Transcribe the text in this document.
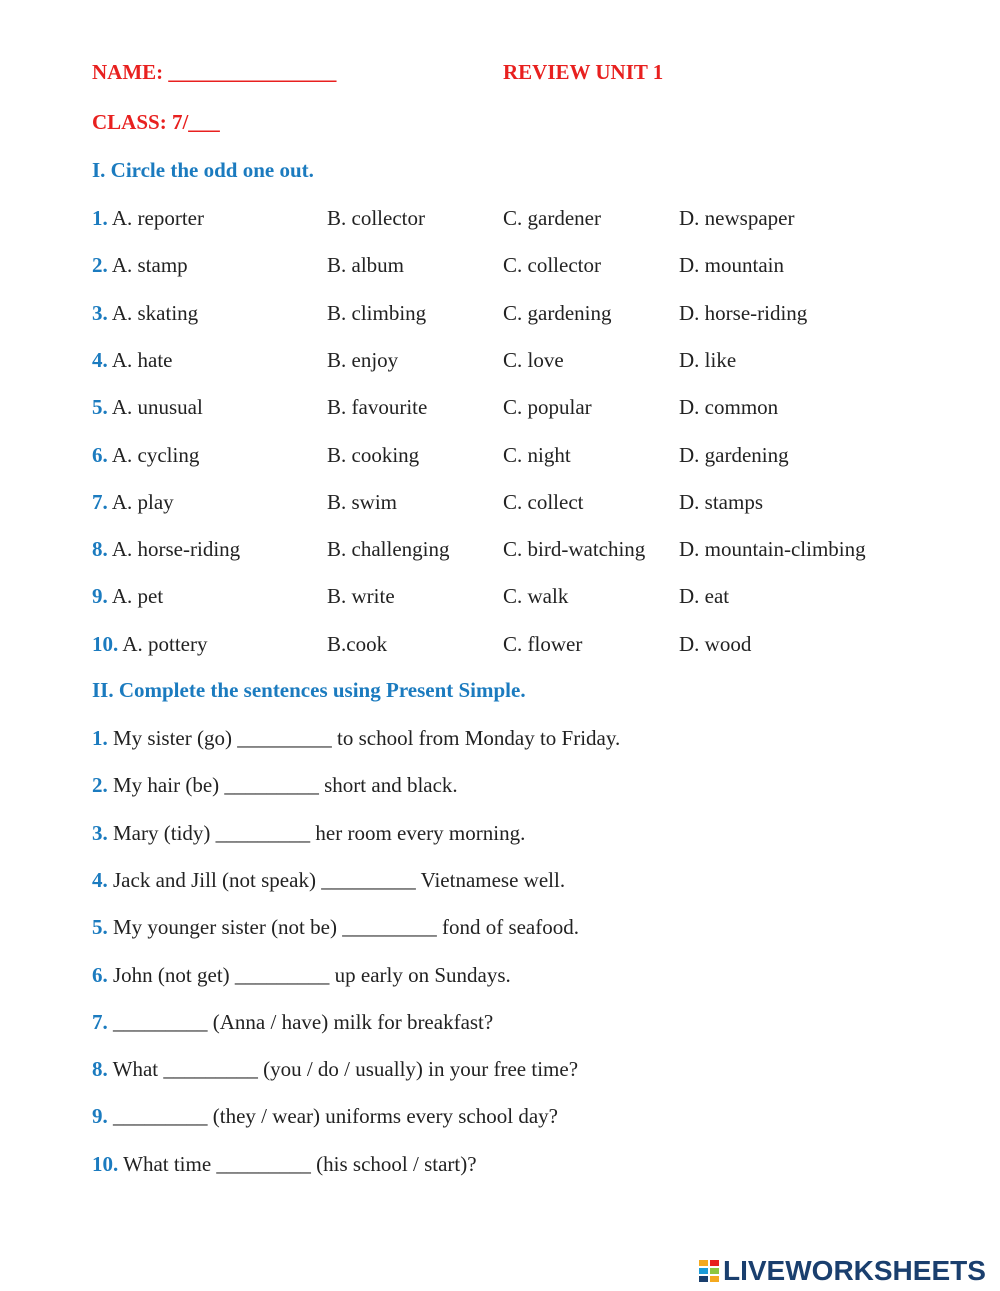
NAME: ________________	REVIEW UNIT 1
CLASS: 7/___
I. Circle the odd one out.
1. A. reporter	B. collector	C. gardener	D. newspaper
2. A. stamp	B. album	C. collector	D. mountain
3. A. skating	B. climbing	C. gardening	D. horse-riding
4. A. hate	B. enjoy	C. love	D. like
5. A. unusual	B. favourite	C. popular	D. common
6. A. cycling	B. cooking	C. night	D. gardening
7. A. play	B. swim	C. collect	D. stamps
8. A. horse-riding	B. challenging	C. bird-watching D. mountain-climbing
9. A. pet	B. write	C. walk	D. eat
10. A. pottery	B.cook	C. flower	D. wood
II. Complete the sentences using Present Simple.
1. My sister (go) _________ to school from Monday to Friday.
2. My hair (be) _________ short and black.
3. Mary (tidy) _________ her room every morning.
4. Jack and Jill (not speak) _________ Vietnamese well.
5. My younger sister (not be) _________ fond of seafood.
6. John (not get) _________ up early on Sundays.
7. _________ (Anna / have) milk for breakfast?
8. What _________ (you / do / usually) in your free time?
9. _________ (they / wear) uniforms every school day?
10. What time _________ (his school / start)?
LIVEWORKSHEETS
